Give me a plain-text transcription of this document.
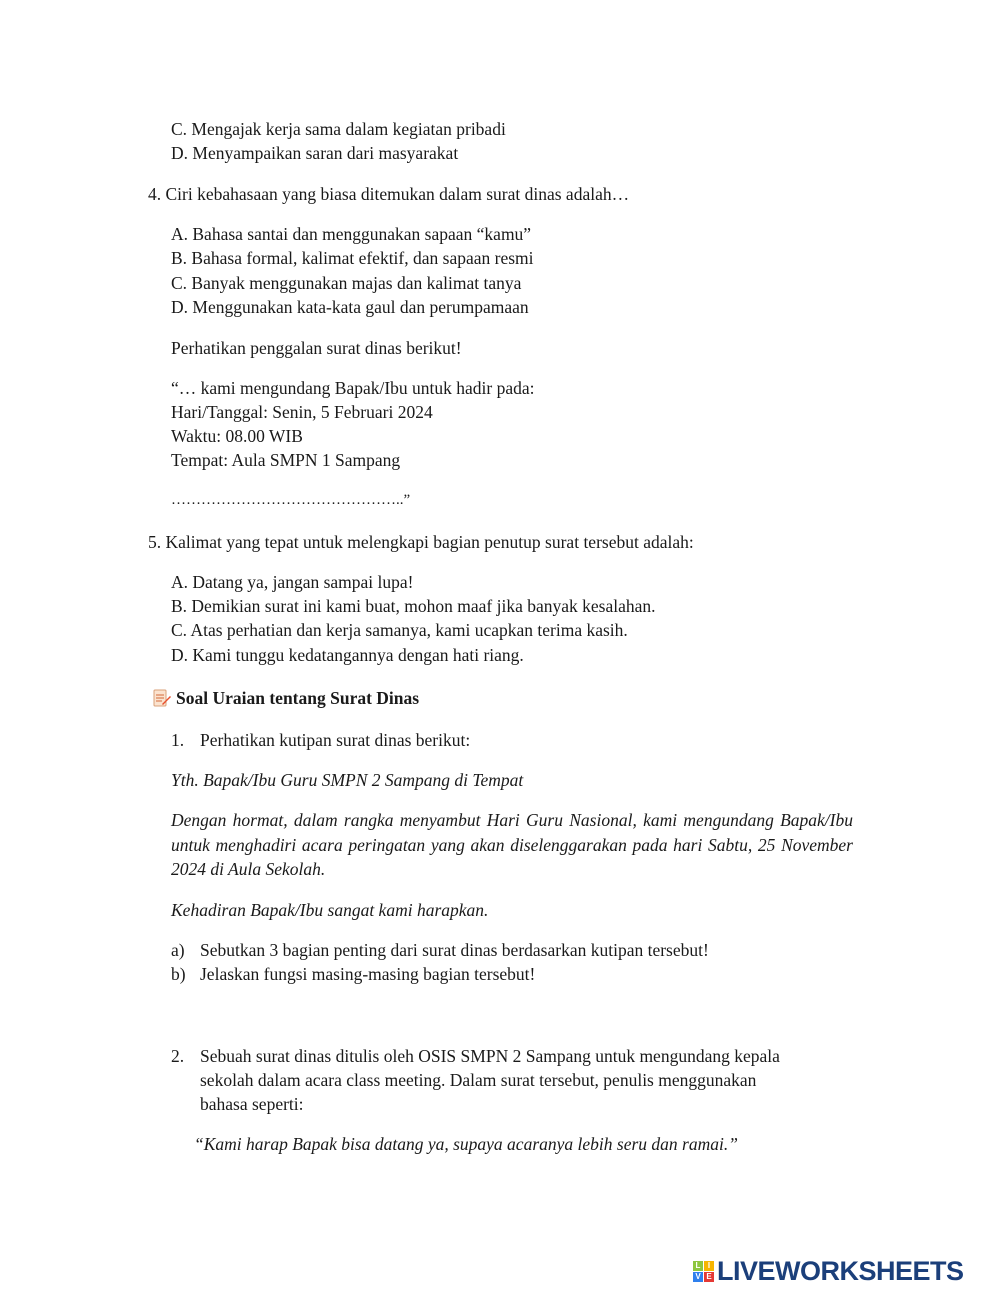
C. Mengajak kerja sama dalam kegiatan pribadi
D. Menyampaikan saran dari masyarakat
4. Ciri kebahasaan yang biasa ditemukan dalam surat dinas adalah…
A. Bahasa santai dan menggunakan sapaan “kamu”
B. Bahasa formal, kalimat efektif, dan sapaan resmi
C. Banyak menggunakan majas dan kalimat tanya
D. Menggunakan kata-kata gaul dan perumpamaan
Perhatikan penggalan surat dinas berikut!
“… kami mengundang Bapak/Ibu untuk hadir pada:
Hari/Tanggal: Senin, 5 Februari 2024
Waktu: 08.00 WIB
Tempat: Aula SMPN 1 Sampang
………………………………………..”
5. Kalimat yang tepat untuk melengkapi bagian penutup surat tersebut adalah:
A. Datang ya, jangan sampai lupa!
B. Demikian surat ini kami buat, mohon maaf jika banyak kesalahan.
C. Atas perhatian dan kerja samanya, kami ucapkan terima kasih.
D. Kami tunggu kedatangannya dengan hati riang.
Soal Uraian tentang Surat Dinas
1. Perhatikan kutipan surat dinas berikut:
Yth. Bapak/Ibu Guru SMPN 2 Sampang di Tempat
Dengan hormat, dalam rangka menyambut Hari Guru Nasional, kami mengundang Bapak/Ibu untuk menghadiri acara peringatan yang akan diselenggarakan pada hari Sabtu, 25 November 2024 di Aula Sekolah.
Kehadiran Bapak/Ibu sangat kami harapkan.
a) Sebutkan 3 bagian penting dari surat dinas berdasarkan kutipan tersebut!
b) Jelaskan fungsi masing-masing bagian tersebut!
2. Sebuah surat dinas ditulis oleh OSIS SMPN 2 Sampang untuk mengundang kepala
sekolah dalam acara class meeting. Dalam surat tersebut, penulis menggunakan
bahasa seperti:
“Kami harap Bapak bisa datang ya, supaya acaranya lebih seru dan ramai.”
L I
V E LIVEWORKSHEETS
